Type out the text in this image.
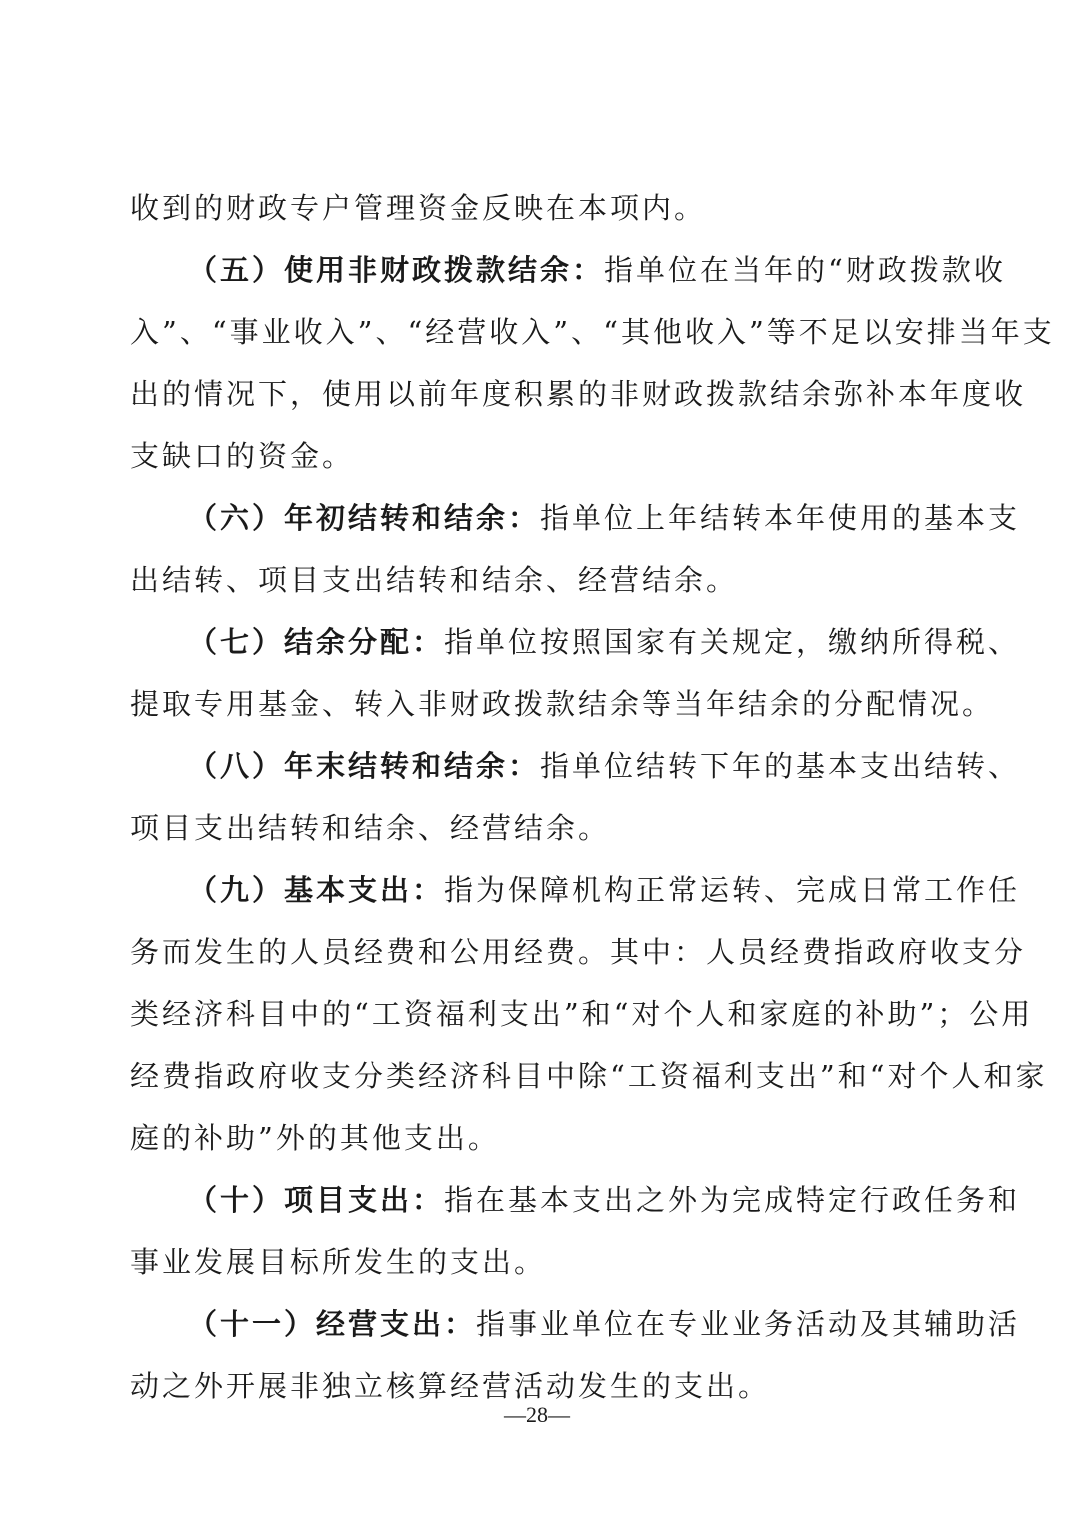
收到的财政专户管理资金反映在本项内。
（五）使用非财政拨款结余：指单位在当年的“财政拨款收
入”、“事业收入”、“经营收入”、“其他收入”等不足以安排当年支
出的情况下，使用以前年度积累的非财政拨款结余弥补本年度收
支缺口的资金。
（六）年初结转和结余：指单位上年结转本年使用的基本支
出结转、项目支出结转和结余、经营结余。
（七）结余分配：指单位按照国家有关规定，缴纳所得税、
提取专用基金、转入非财政拨款结余等当年结余的分配情况。
（八）年末结转和结余：指单位结转下年的基本支出结转、
项目支出结转和结余、经营结余。
（九）基本支出：指为保障机构正常运转、完成日常工作任
务而发生的人员经费和公用经费。其中：人员经费指政府收支分
类经济科目中的“工资福利支出”和“对个人和家庭的补助”；公用
经费指政府收支分类经济科目中除“工资福利支出”和“对个人和家
庭的补助”外的其他支出。
（十）项目支出：指在基本支出之外为完成特定行政任务和
事业发展目标所发生的支出。
（十一）经营支出：指事业单位在专业业务活动及其辅助活
动之外开展非独立核算经营活动发生的支出。
—28—
